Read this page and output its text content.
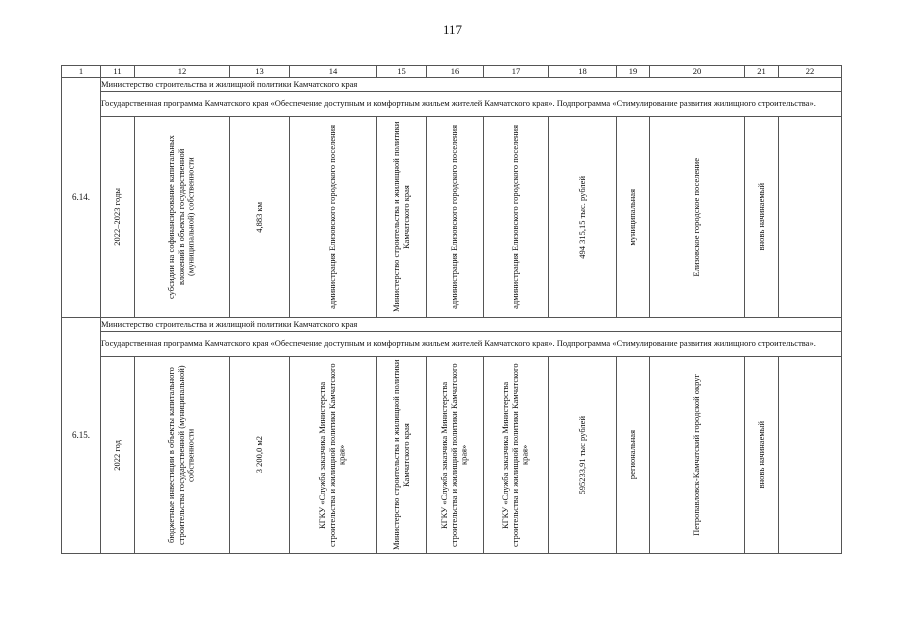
117
1	11	12	13	14	15	16	17	18	19	20	21	22
6.14.	Министерство строительства и жилищной политики Камчатского края											
	Государственная программа Камчатского края «Обеспечение доступным и комфортным жильем жителей Камчатского края». Подпрограмма «Стимулирование развития жилищного строительства».											

	2022–2023 годы	субсидии на софинансирование капитальных вложений в объекты государственной (муниципальной) собственности	4,883 км	администрация Елизовского городского поселения	Министерство строительства и жилищной политики Камчатского края	администрация Елизовского городского поселения	администрация Елизовского городского поселения	494 315,15 тыс. рублей	муниципальная	Елизовское городское поселение	вновь начинаемый	

6.15.	Министерство строительства и жилищной политики Камчатского края											
	Государственная программа Камчатского края «Обеспечение доступным и комфортным жильем жителей Камчатского края». Подпрограмма «Стимулирование развития жилищного строительства».											

	2022 год	бюджетные инвестиции в объекты капитального строительства государственной (муниципальной) собственности	3 200,0 м2	КГКУ «Служба заказчика Министерства строительства и жилищной политики Камчатского края»	Министерство строительства и жилищной политики Камчатского края	КГКУ «Служба заказчика Министерства строительства и жилищной политики Камчатского края»	КГКУ «Служба заказчика Министерства строительства и жилищной политики Камчатского края»	595233,91 тыс рублей	региональная	Петропавловск-Камчатский городской округ	вновь начинаемый	
